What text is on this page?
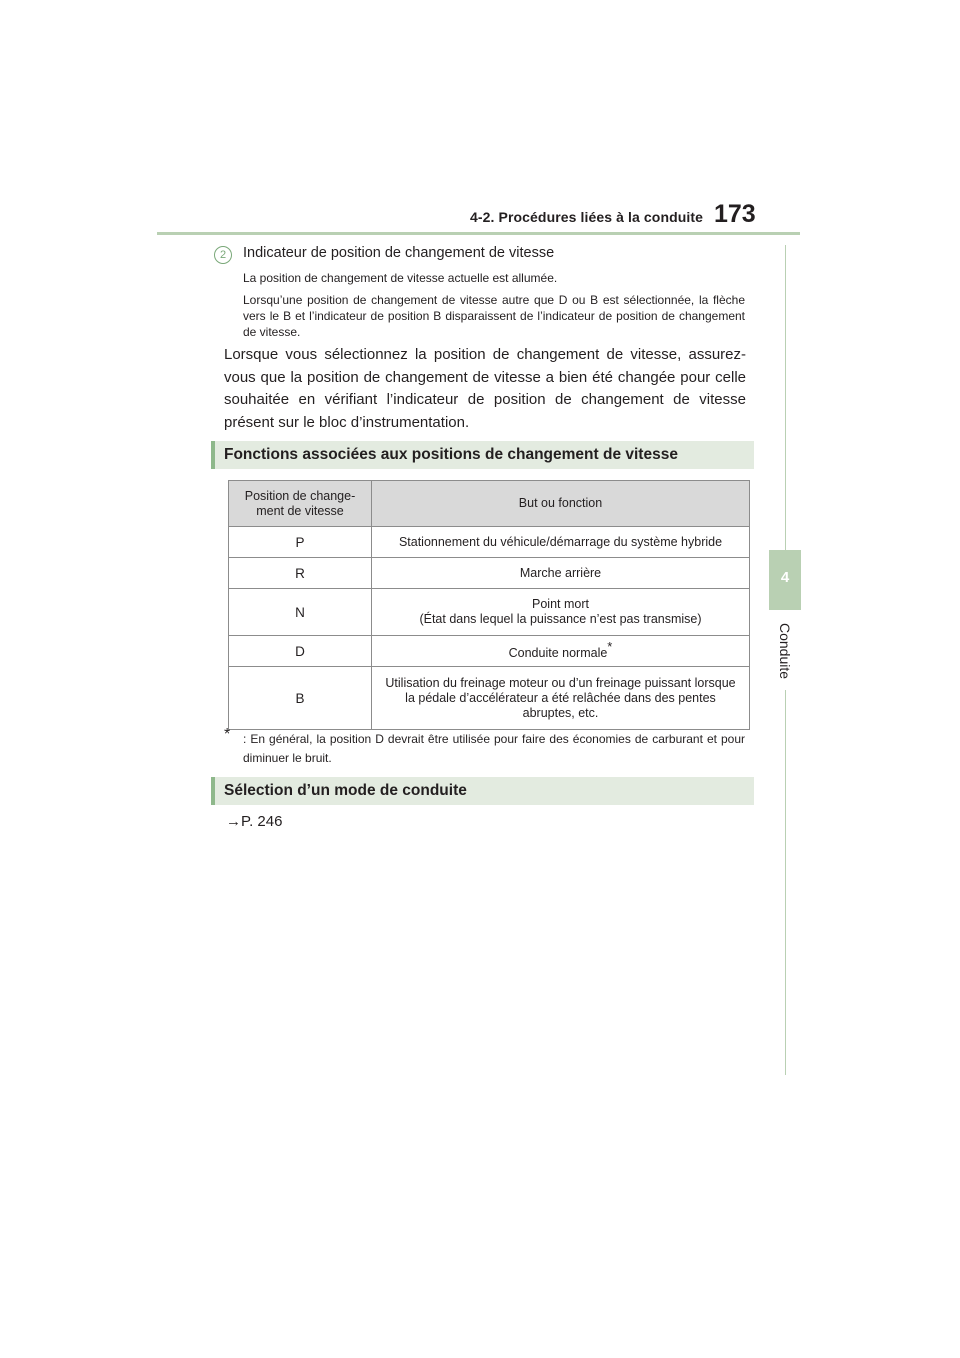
4-2. Procédures liées à la conduite 173
4
Conduite
2	Indicateur de position de changement de vitesse
La position de changement de vitesse actuelle est allumée.
Lorsqu’une position de changement de vitesse autre que D ou B est sélectionnée, la flèche vers le B et l’indicateur de position B disparaissent de l’indicateur de position de changement de vitesse.
Lorsque vous sélectionnez la position de changement de vitesse, assurez-vous que la position de changement de vitesse a bien été changée pour celle souhaitée en vérifiant l’indicateur de position de changement de vitesse présent sur le bloc d’instrumentation.
Fonctions associées aux positions de changement de vitesse
Position de change- ment de vitesse	But ou fonction
P	Stationnement du véhicule/démarrage du système hybride
R	Marche arrière
N	Point mort
(État dans lequel la puissance n’est pas transmise)

D	Conduite normale*
B	Utilisation du freinage moteur ou d’un freinage puissant lorsque la pédale d’accélérateur a été relâchée dans des pentes abruptes, etc.
* : En général, la position D devrait être utilisée pour faire des économies de carburant et pour diminuer le bruit.
Sélection d’un mode de conduite
→P. 246
